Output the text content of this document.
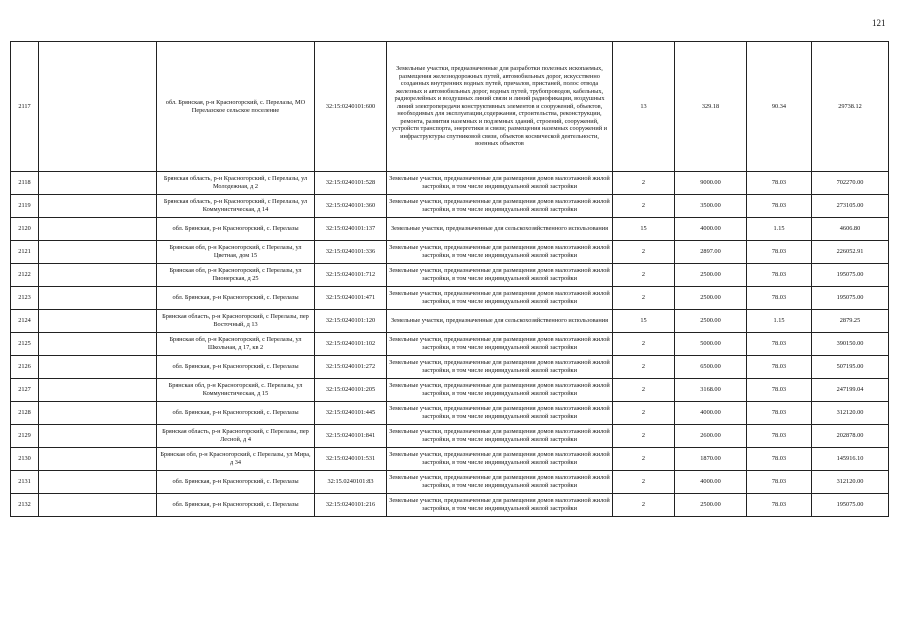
121
2117		обл. Брянская, р-н Красногорский, с. Перелазы, МО Перелазское сельское поселение	32:15:0240101:600	Земельные участки, предназначенные для разработки полезных ископаемых, размещения железнодорожных путей, автомобильных дорог, искусственно созданных внутренних водных путей, причалов, пристаней, полос отвода железных и автомобильных дорог, водных путей, трубопроводов, кабельных, радиорелейных и воздушных линий связи и линий радиофикации, воздушных линий электропередачи конструктивных элементов и сооружений, объектов, необходимых для эксплуатации,содержания, строительства, реконструкции, ремонта, развития наземных и подземных зданий, строений, сооружений, устройств транспорта, энергетики и связи; размещения наземных сооружений и инфраструктуры спутниковой связи, объектов космической деятельности, военных объектов	13	329.18	90.34	29738.12
2118		Брянская область, р-н Красногорский, с Перелазы, ул Молодежная, д 2	32:15:0240101:528	Земельные участки, предназначенные для размещения домов малоэтажной жилой застройки, в том числе индивидуальной жилой застройки	2	9000.00	78.03	702270.00
2119		Брянская область, р-н Красногорский, с Перелазы, ул Коммунистическая, д 14	32:15:0240101:360	Земельные участки, предназначенные для размещения домов малоэтажной жилой застройки, в том числе индивидуальной жилой застройки	2	3500.00	78.03	273105.00
2120		обл. Брянская, р-н Красногорский, с. Перелазы	32:15:0240101:137	Земельные участки, предназначенные для сельскохозяйственного использования	15	4000.00	1.15	4606.80
2121		Брянская обл, р-н Красногорский, с Перелазы, ул Цветная, дом 15	32:15:0240101:336	Земельные участки, предназначенные для размещения домов малоэтажной жилой застройки, в том числе индивидуальной жилой застройки	2	2897.00	78.03	226052.91
2122		Брянская обл, р-н Красногорский, с Перелазы, ул Пионерская, д 25	32:15:0240101:712	Земельные участки, предназначенные для размещения домов малоэтажной жилой застройки, в том числе индивидуальной жилой застройки	2	2500.00	78.03	195075.00
2123		обл. Брянская, р-н Красногорский, с. Перелазы	32:15:0240101:471	Земельные участки, предназначенные для размещения домов малоэтажной жилой застройки, в том числе индивидуальной жилой застройки	2	2500.00	78.03	195075.00
2124		Брянская область, р-н Красногорский, с Перелазы, пер Восточный, д 13	32:15:0240101:120	Земельные участки, предназначенные для сельскохозяйственного использования	15	2500.00	1.15	2879.25
2125		Брянская обл, р-н Красногорский, с Перелазы, ул Школьная, д 17, кв 2	32:15:0240101:102	Земельные участки, предназначенные для размещения домов малоэтажной жилой застройки, в том числе индивидуальной жилой застройки	2	5000.00	78.03	390150.00
2126		обл. Брянская, р-н Красногорский, с. Перелазы	32:15:0240101:272	Земельные участки, предназначенные для размещения домов малоэтажной жилой застройки, в том числе индивидуальной жилой застройки	2	6500.00	78.03	507195.00
2127		Брянская обл, р-н Красногорский, с. Перелазы, ул Коммунистическая, д 15	32:15:0240101:205	Земельные участки, предназначенные для размещения домов малоэтажной жилой застройки, в том числе индивидуальной жилой застройки	2	3168.00	78.03	247199.04
2128		обл. Брянская, р-н Красногорский, с. Перелазы	32:15:0240101:445	Земельные участки, предназначенные для размещения домов малоэтажной жилой застройки, в том числе индивидуальной жилой застройки	2	4000.00	78.03	312120.00
2129		Брянская область, р-н Красногорский, с Перелазы, пер Лесной, д 4	32:15:0240101:841	Земельные участки, предназначенные для размещения домов малоэтажной жилой застройки, в том числе индивидуальной жилой застройки	2	2600.00	78.03	202878.00
2130		Брянская обл, р-н Красногорский, с Перелазы, ул Мира, д 34	32:15:0240101:531	Земельные участки, предназначенные для размещения домов малоэтажной жилой застройки, в том числе индивидуальной жилой застройки	2	1870.00	78.03	145916.10
2131		обл. Брянская, р-н Красногорский, с. Перелазы	32:15.0240101:83	Земельные участки, предназначенные для размещения домов малоэтажной жилой застройки, в том числе индивидуальной жилой застройки	2	4000.00	78.03	312120.00
2132		обл. Брянская, р-н Красногорский, с. Перелазы	32:15:0240101:216	Земельные участки, предназначенные для размещения домов малоэтажной жилой застройки, в том числе индивидуальной жилой застройки	2	2500.00	78.03	195075.00
